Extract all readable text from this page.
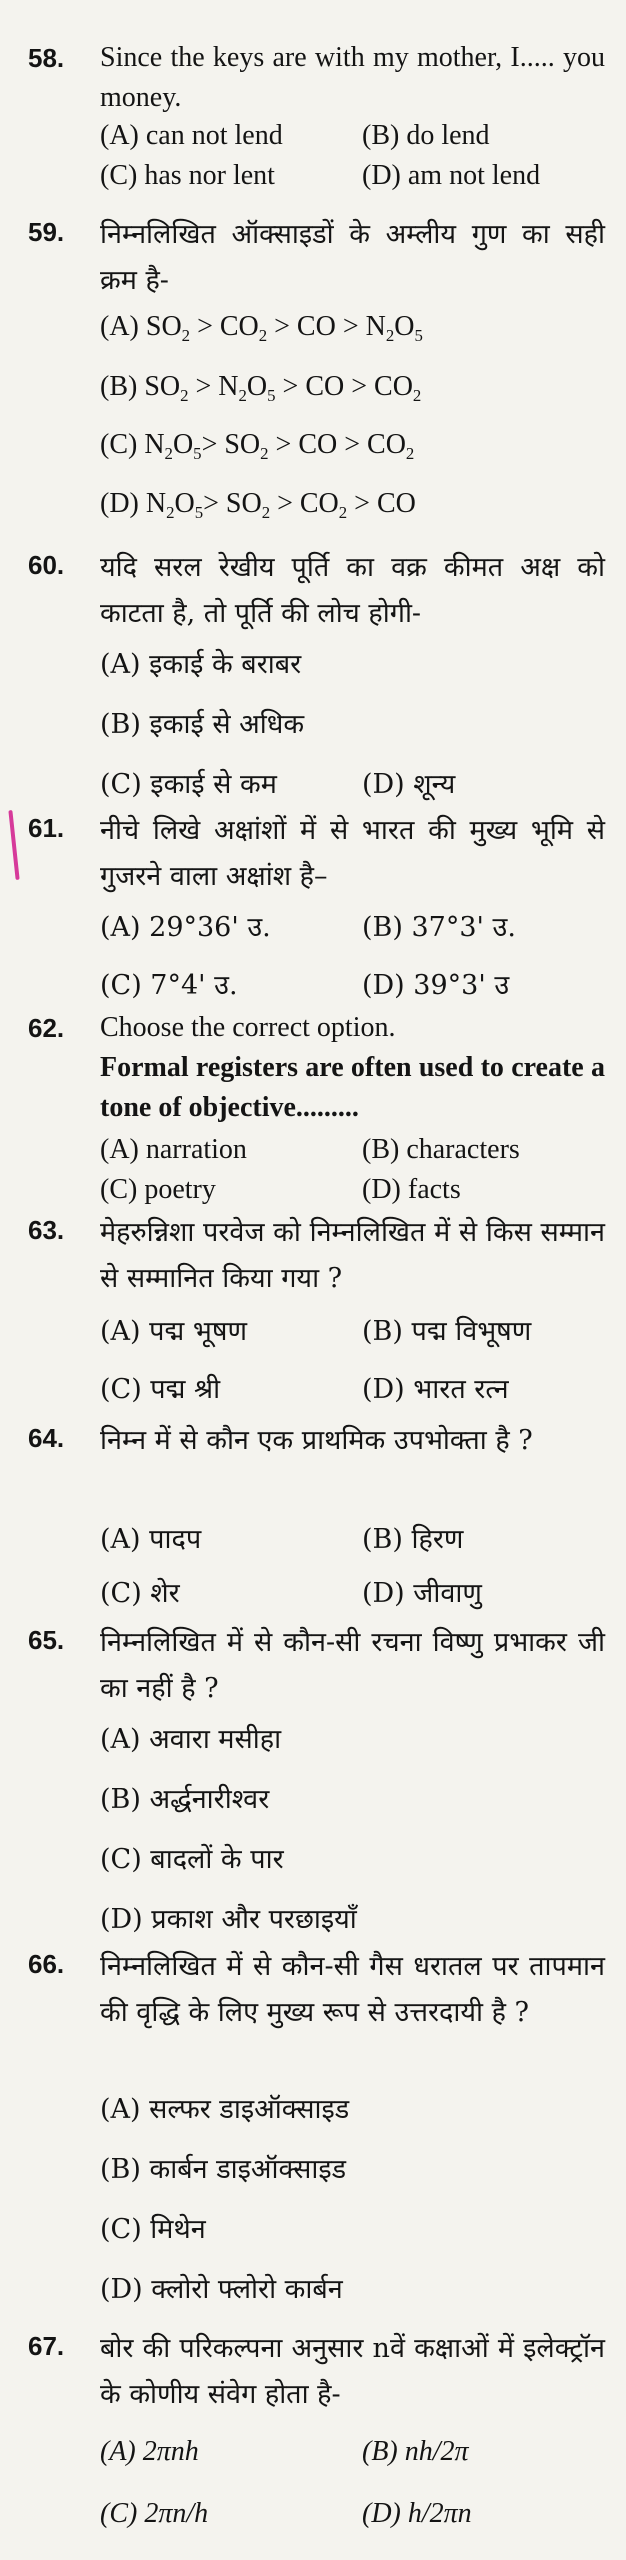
58. Since the keys are with my mother, I..... you money.
(A) can not lend	(B) do lend
(C) has nor lent	(D) am not lend
59. निम्नलिखित ऑक्साइडों के अम्लीय गुण का सही क्रम है-
(A) $SO_2 > CO_2$ > CO > $N_2O_5$
(B) $SO_2 > N_2O_5$ > CO > $CO_2$
(C) $N_2O_5> SO_2$ > CO > $CO_2$
(D) $N_2O_5> SO_2 > CO_2$ > CO
60. यदि सरल रेखीय पूर्ति का वक्र कीमत अक्ष को काटता है, तो पूर्ति की लोच होगी-
(A) इकाई के बराबर
(B) इकाई से अधिक
(C) इकाई से कम	(D) शून्य
61. नीचे लिखे अक्षांशों में से भारत की मुख्य भूमि से गुजरने वाला अक्षांश है–
(A) 29°36' उ.	(B) 37°3' उ.
(C) 7°4' उ.	(D) 39°3' उ
62. Choose the correct option.
Formal registers are often used to create a tone of objective.........
(A) narration	(B) characters
(C) poetry	(D) facts
63. मेहरुन्निशा परवेज को निम्नलिखित में से किस सम्मान से सम्मानित किया गया ?
(A) पद्म भूषण	(B) पद्म विभूषण
(C) पद्म श्री	(D) भारत रत्न
64. निम्न में से कौन एक प्राथमिक उपभोक्ता है ?
(A) पादप	(B) हिरण
(C) शेर	(D) जीवाणु
65. निम्नलिखित में से कौन-सी रचना विष्णु प्रभाकर जी का नहीं है ?
(A) अवारा मसीहा
(B) अर्द्धनारीश्वर
(C) बादलों के पार
(D) प्रकाश और परछाइयाँ
66. निम्नलिखित में से कौन-सी गैस धरातल पर तापमान की वृद्धि के लिए मुख्य रूप से उत्तरदायी है ?
(A) सल्फर डाइऑक्साइड
(B) कार्बन डाइऑक्साइड
(C) मिथेन
(D) क्लोरो फ्लोरो कार्बन
67. बोर की परिकल्पना अनुसार nवें कक्षाओं में इलेक्ट्रॉन के कोणीय संवेग होता है-
(A) 2πnh	(B) nh/2π
(C) 2πn/h	(D) h/2πn
